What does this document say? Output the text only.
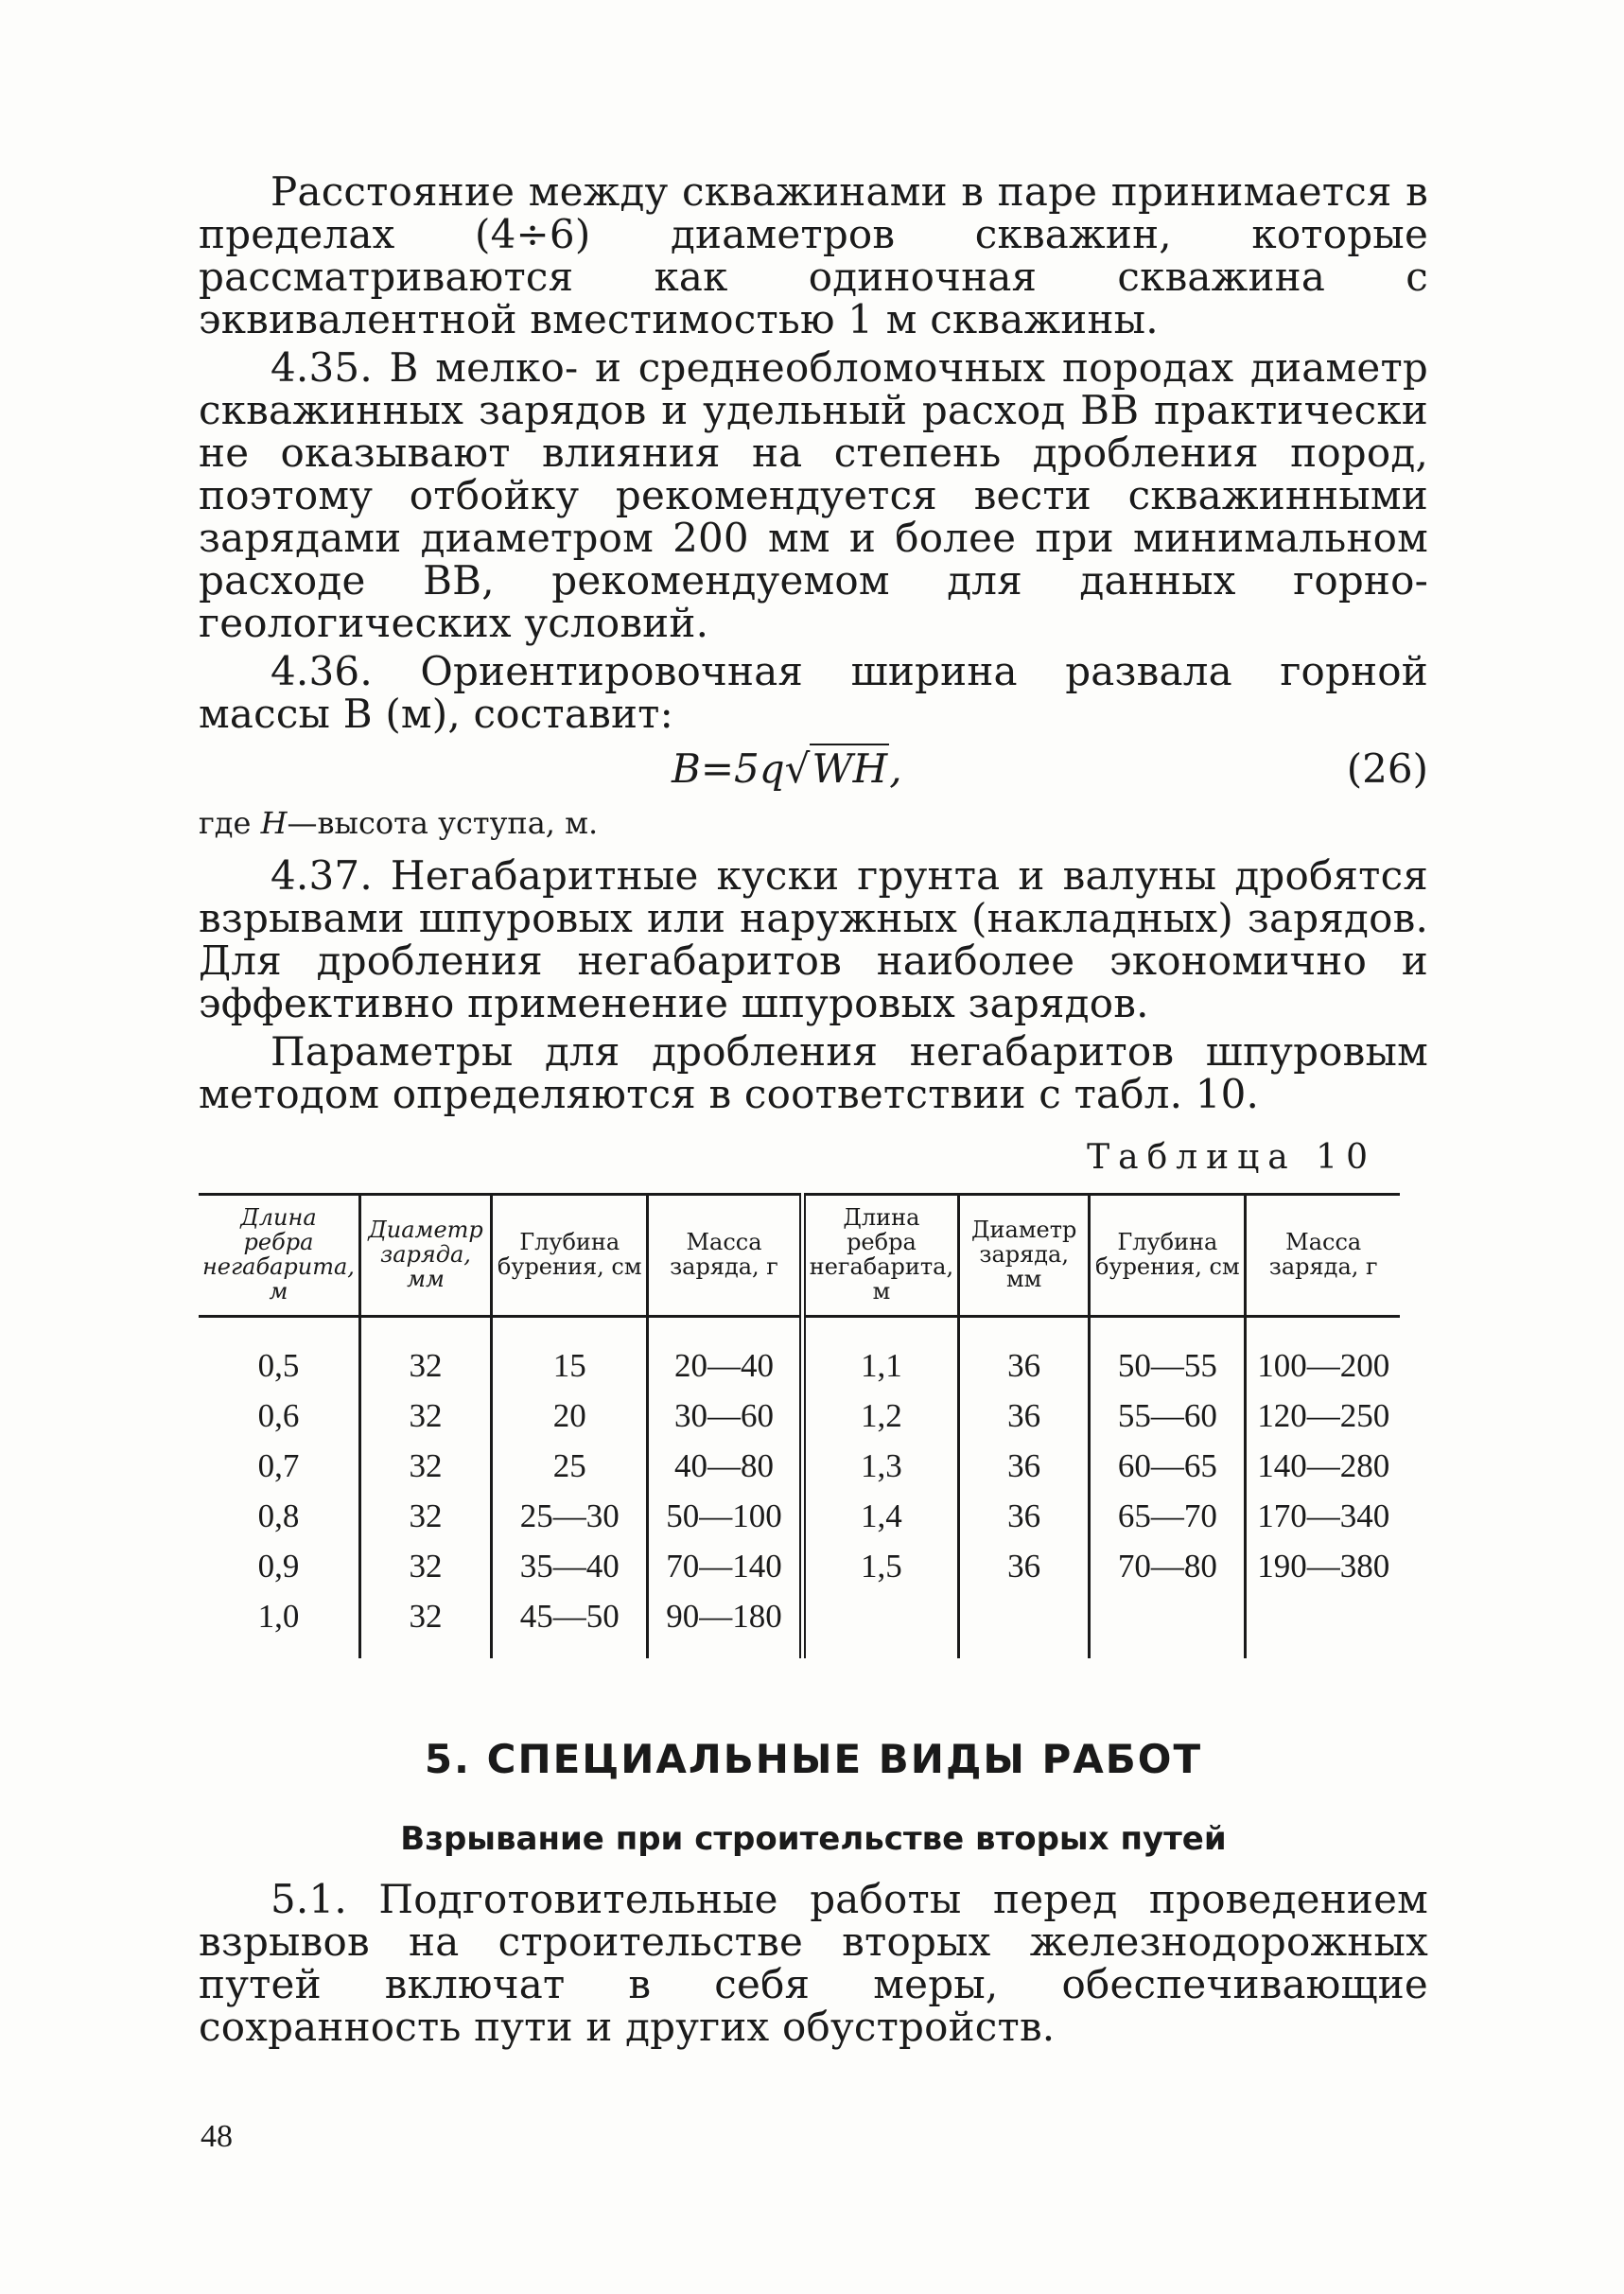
Расстояние между скважинами в паре принимается в пределах (4÷6) диаметров скважин, которые рассматриваются как одиночная скважина с эквивалентной вместимостью 1 м скважины.

4.35. В мелко- и среднеобломочных породах диаметр скважинных зарядов и удельный расход ВВ практически не оказывают влияния на степень дробления пород, поэтому отбойку рекомендуется вести скважинными зарядами диаметром 200 мм и более при минимальном расходе ВВ, рекомендуемом для данных горно-геологических условий.

4.36. Ориентировочная ширина развала горной массы B (м), составит:

B=5q√WH,	(26)
где H—высота уступа, м.

4.37. Негабаритные куски грунта и валуны дробятся взрывами шпуровых или наружных (накладных) зарядов. Для дробления негабаритов наиболее экономично и эффективно применение шпуровых зарядов.

Параметры для дробления негабаритов шпуровым методом определяются в соответствии с табл. 10.

Таблица 10
Длина ребра негабарита, м	Диаметр заряда, мм	Глубина бурения, см	Масса заряда, г	Длина ребра негабарита, м	Диаметр заряда, мм	Глубина бурения, см	Масса заряда, г
0,5	32	15	20—40	1,1	36	50—55	100—200
0,6	32	20	30—60	1,2	36	55—60	120—250
0,7	32	25	40—80	1,3	36	60—65	140—280
0,8	32	25—30	50—100	1,4	36	65—70	170—340
0,9	32	35—40	70—140	1,5	36	70—80	190—380
1,0	32	45—50	90—180				
5. СПЕЦИАЛЬНЫЕ ВИДЫ РАБОТ
Взрывание при строительстве вторых путей

5.1. Подготовительные работы перед проведением взрывов на строительстве вторых железнодорожных путей включат в себя меры, обеспечивающие сохранность пути и других обустройств.

48
